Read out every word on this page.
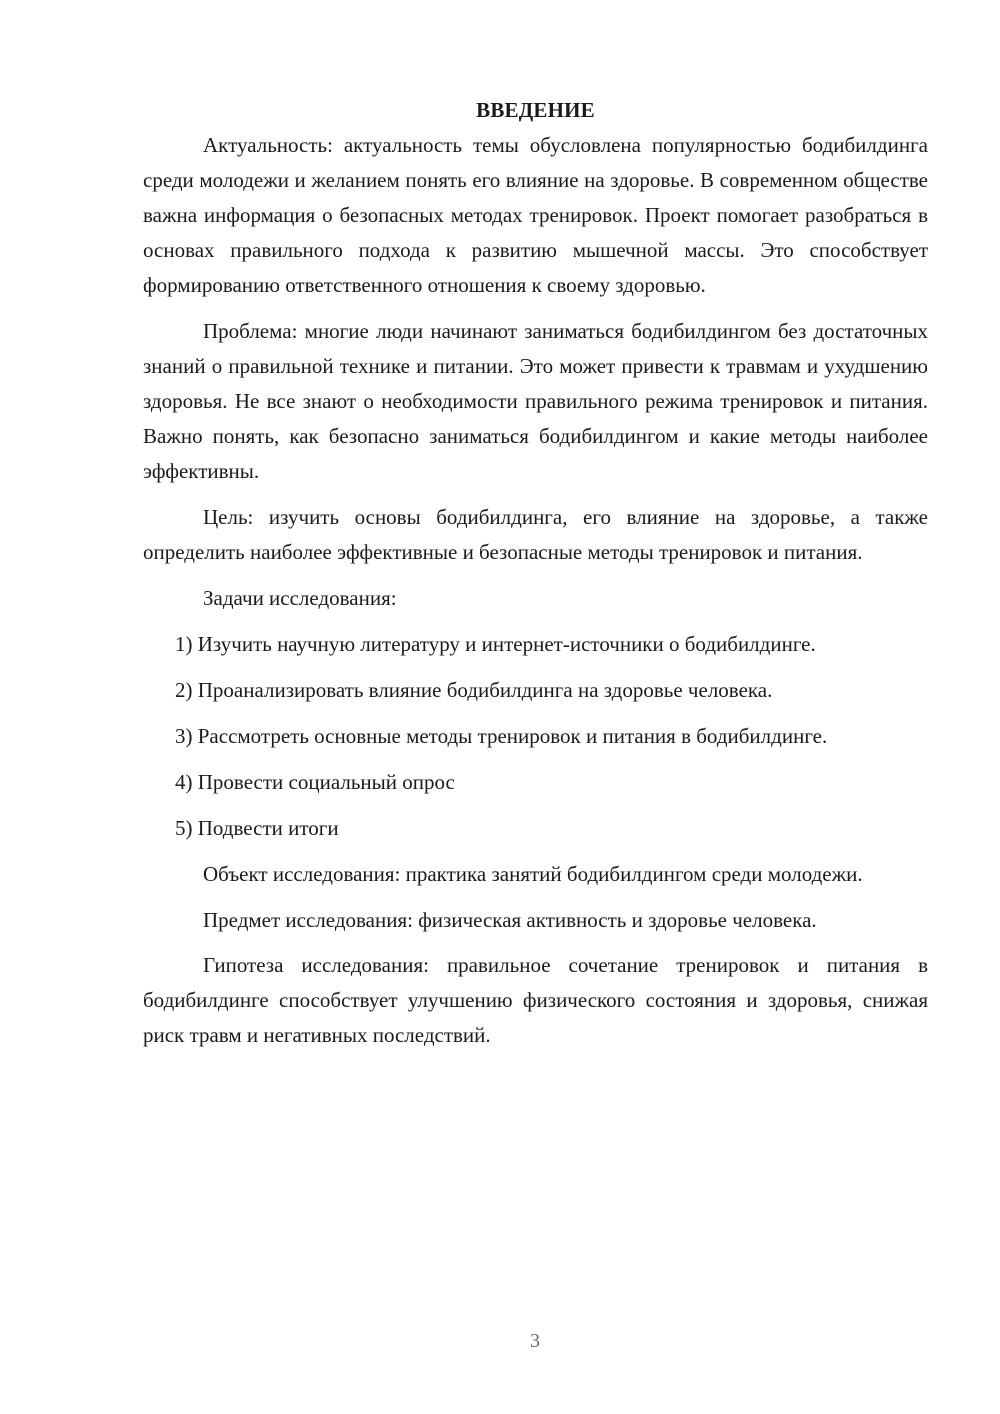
ВВЕДЕНИЕ

Актуальность: актуальность темы обусловлена популярностью бодибилдинга среди молодежи и желанием понять его влияние на здоровье. В современном обществе важна информация о безопасных методах тренировок. Проект помогает разобраться в основах правильного подхода к развитию мышечной массы. Это способствует формированию ответственного отношения к своему здоровью.

Проблема: многие люди начинают заниматься бодибилдингом без достаточных знаний о правильной технике и питании. Это может привести к травмам и ухудшению здоровья. Не все знают о необходимости правильного режима тренировок и питания. Важно понять, как безопасно заниматься бодибилдингом и какие методы наиболее эффективны.

Цель: изучить основы бодибилдинга, его влияние на здоровье, а также определить наиболее эффективные и безопасные методы тренировок и питания.

Задачи исследования:

1) Изучить научную литературу и интернет-источники о бодибилдинге.

2) Проанализировать влияние бодибилдинга на здоровье человека.

3) Рассмотреть основные методы тренировок и питания в бодибилдинге.

4) Провести социальный опрос

5) Подвести итоги

Объект исследования: практика занятий бодибилдингом среди молодежи.

Предмет исследования: физическая активность и здоровье человека.

Гипотеза исследования: правильное сочетание тренировок и питания в бодибилдинге способствует улучшению физического состояния и здоровья, снижая риск травм и негативных последствий.

3
